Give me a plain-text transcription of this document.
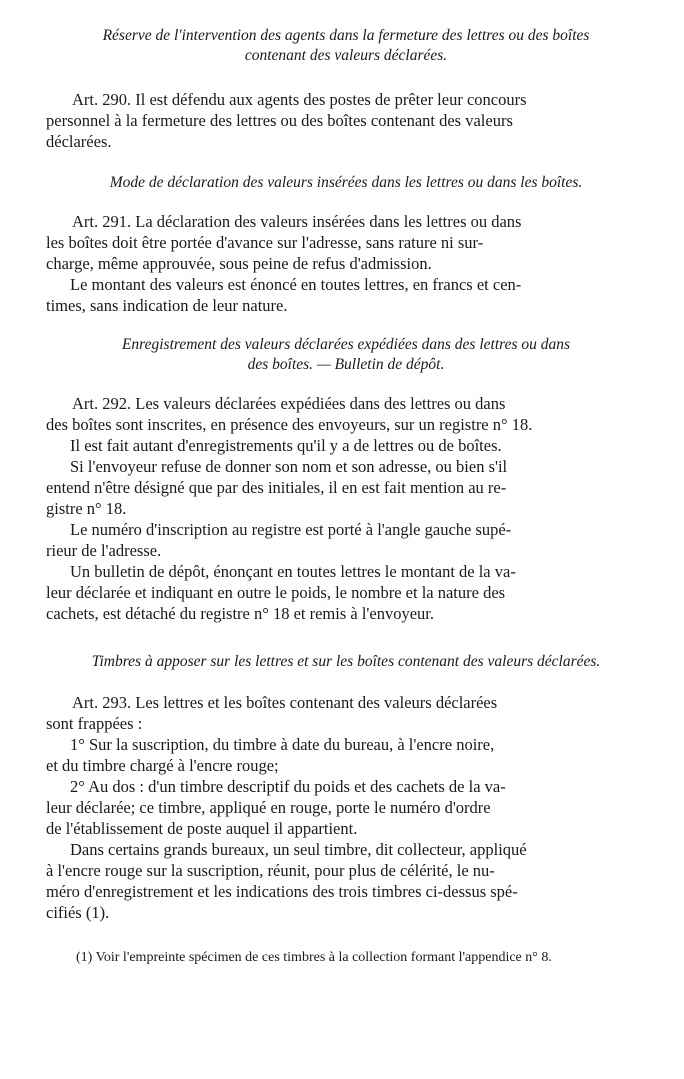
Réserve de l'intervention des agents dans la fermeture des lettres ou des boîtes
contenant des valeurs déclarées.
Art. 290. Il est défendu aux agents des postes de prêter leur concours
personnel à la fermeture des lettres ou des boîtes contenant des valeurs
déclarées.
Mode de déclaration des valeurs insérées dans les lettres ou dans les boîtes.
Art. 291. La déclaration des valeurs insérées dans les lettres ou dans
les boîtes doit être portée d'avance sur l'adresse, sans rature ni sur-
charge, même approuvée, sous peine de refus d'admission.
Le montant des valeurs est énoncé en toutes lettres, en francs et cen-
times, sans indication de leur nature.
Enregistrement des valeurs déclarées expédiées dans des lettres ou dans
des boîtes. — Bulletin de dépôt.
Art. 292. Les valeurs déclarées expédiées dans des lettres ou dans
des boîtes sont inscrites, en présence des envoyeurs, sur un registre n° 18.
Il est fait autant d'enregistrements qu'il y a de lettres ou de boîtes.
Si l'envoyeur refuse de donner son nom et son adresse, ou bien s'il
entend n'être désigné que par des initiales, il en est fait mention au re-
gistre n° 18.
Le numéro d'inscription au registre est porté à l'angle gauche supé-
rieur de l'adresse.
Un bulletin de dépôt, énonçant en toutes lettres le montant de la va-
leur déclarée et indiquant en outre le poids, le nombre et la nature des
cachets, est détaché du registre n° 18 et remis à l'envoyeur.
Timbres à apposer sur les lettres et sur les boîtes contenant des valeurs déclarées.
Art. 293. Les lettres et les boîtes contenant des valeurs déclarées
sont frappées :
1° Sur la suscription, du timbre à date du bureau, à l'encre noire,
et du timbre chargé à l'encre rouge;
2° Au dos : d'un timbre descriptif du poids et des cachets de la va-
leur déclarée; ce timbre, appliqué en rouge, porte le numéro d'ordre
de l'établissement de poste auquel il appartient.
Dans certains grands bureaux, un seul timbre, dit collecteur, appliqué
à l'encre rouge sur la suscription, réunit, pour plus de célérité, le nu-
méro d'enregistrement et les indications des trois timbres ci-dessus spé-
cifiés (1).
(1) Voir l'empreinte spécimen de ces timbres à la collection formant l'appendice n° 8.
